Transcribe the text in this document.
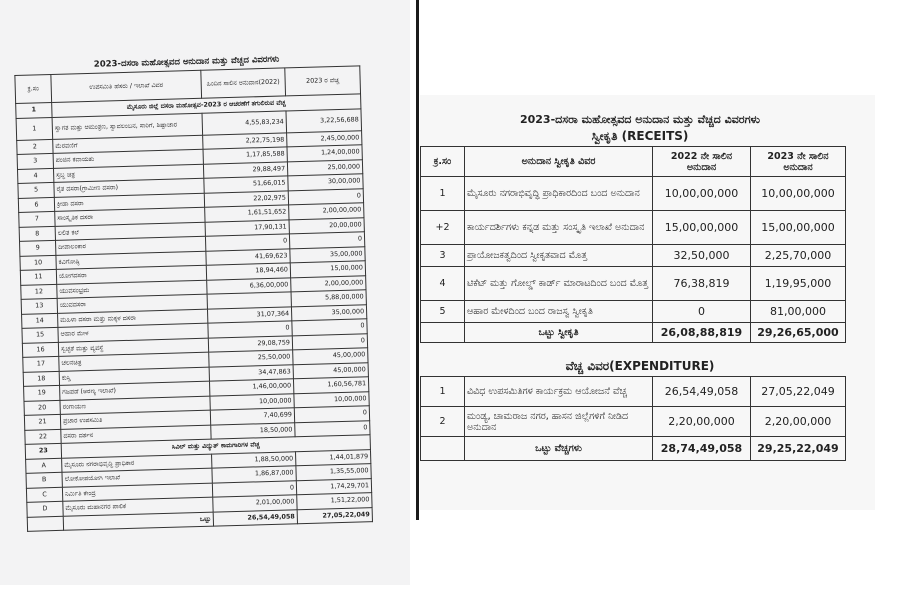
2023-ದಸರಾ ಮಹೋತ್ಸವದ ಅನುದಾನ ಮತ್ತು ವೆಚ್ಚದ ವಿವರಗಳು
ಕ್ರ.ಸಂ	ಉಪಸಮಿತಿ ಹೆಸರು / ಇಲಾಖೆ ವಿವರ	ಹಿಂದಿನ ಸಾಲಿನ ಅನುದಾನ(2022)	2023 ರ ವೆಚ್ಚ
1	ಮೈಸೂರು ಜಿಲ್ಲೆ ದಸರಾ ಮಹೋತ್ಸವ-2023 ರ ಆಚರಣೆಗೆ ತಗುಲಿರುವ ವೆಚ್ಚ		
1	ಸ್ವಾಗತ ಮತ್ತು ಆಮಂತ್ರಣ, ಸ್ವಾವಲಂಬನ, ಸಾರಿಗೆ, ಶಿಷ್ಟಾಚಾರ	4,55,83,234	3,22,56,688
2	ಮೆರವಣಿಗೆ	2,22,75,198	2,45,00,000
3	ಪಂಜಿನ ಕವಾಯತು	1,17,85,588	1,24,00,000
4	ಸ್ತಬ್ಧ ಚಿತ್ರ	29,88,497	25,00,000
5	ರೈತ ದಸರಾ(ಗ್ರಾಮೀಣ ದಸರಾ)	51,66,015	30,00,000
6	ಕ್ರೀಡಾ ದಸರಾ	22,02,975	0
7	ಸಾಂಸ್ಕೃತಿಕ ದಸರಾ	1,61,51,652	2,00,00,000
8	ಲಲಿತ ಕಲೆ	17,90,131	20,00,000
9	ದೀಪಾಲಂಕಾರ	0	0
10	ಕವಿಗೋಷ್ಠಿ	41,69,623	35,00,000
11	ಯೋಗದಸರಾ	18,94,460	15,00,000
12	ಯುವಸಂಭ್ರಮ	6,36,00,000	2,00,00,000
13	ಯುವದಸರಾ		5,88,00,000
14	ಮಹಿಳಾ ದಸರಾ ಮತ್ತು ಮಕ್ಕಳ ದಸರಾ	31,07,364	35,00,000
15	ಆಹಾರ ಮೇಳ	0	0
16	ಸ್ವಚ್ಛತೆ ಮತ್ತು ವ್ಯವಸ್ಥೆ	29,08,759	0
17	ಚಲನಚಿತ್ರ	25,50,000	45,00,000
18	ಕುಸ್ತಿ	34,47,863	45,00,000
19	ಗಜಪಡೆ (ಅರಣ್ಯ ಇಲಾಖೆ)	1,46,00,000	1,60,56,781
20	ರಂಗಾಯಣ	10,00,000	10,00,000
21	ಪ್ರಚಾರ ಉಪಸಮಿತಿ	7,40,699	0
22	ದಸರಾ ದರ್ಶನ	18,50,000	0
23	ಸಿವಿಲ್ ಮತ್ತು ವಿದ್ಯುತ್ ಕಾಮಗಾರಿಗಳ ವೆಚ್ಚ		
A	ಮೈಸೂರು ನಗರಾಭಿವೃದ್ಧಿ ಪ್ರಾಧಿಕಾರ	1,88,50,000	1,44,01,879
B	ಲೋಕೋಪಯೋಗಿ ಇಲಾಖೆ	1,86,87,000	1,35,55,000
C	ನಿರ್ಮಿತಿ ಕೇಂದ್ರ	0	1,74,29,701
D	ಮೈಸೂರು ಮಹಾನಗರ ಪಾಲಿಕೆ	2,01,00,000	1,51,22,000
	ಒಟ್ಟು	26,54,49,058	27,05,22,049
2023-ದಸರಾ ಮಹೋತ್ಸವದ ಅನುದಾನ ಮತ್ತು ವೆಚ್ಚದ ವಿವರಗಳು
ಸ್ವೀಕೃತಿ (RECEITS)
ಕ್ರ.ಸಂ	ಅನುದಾನ ಸ್ವೀಕೃತಿ ವಿವರ	2022 ನೇ ಸಾಲಿನ ಅನುದಾನ	2023 ನೇ ಸಾಲಿನ ಅನುದಾನ
1	ಮೈಸೂರು ನಗರಾಭಿವೃದ್ಧಿ ಪ್ರಾಧಿಕಾರದಿಂದ ಬಂದ ಅನುದಾನ	10,00,00,000	10,00,00,000
+2	ಕಾರ್ಯದರ್ಶಿಗಳು ಕನ್ನಡ ಮತ್ತು ಸಂಸ್ಕೃತಿ ಇಲಾಖೆ ಅನುದಾನ	15,00,00,000	15,00,00,000
3	ಪ್ರಾಯೋಜಕತ್ವದಿಂದ ಸ್ವೀಕೃತವಾದ ಮೊತ್ತ	32,50,000	2,25,70,000
4	ಟಿಕೆಟ್ ಮತ್ತು ಗೋಲ್ಡ್ ಕಾರ್ಡ್ ಮಾರಾಟದಿಂದ ಬಂದ ಮೊತ್ತ	76,38,819	1,19,95,000
5	ಆಹಾರ ಮೇಳದಿಂದ ಬಂದ ರಾಜಸ್ವ ಸ್ವೀಕೃತಿ	0	81,00,000
	ಒಟ್ಟು ಸ್ವೀಕೃತಿ	26,08,88,819	29,26,65,000
ವೆಚ್ಚ ವಿವರ(EXPENDITURE)
1	ವಿವಿಧ ಉಪಸಮಿತಿಗಳ ಕಾರ್ಯಕ್ರಮ ಆಯೋಜನೆ ವೆಚ್ಚ	26,54,49,058	27,05,22,049
2	ಮಂಡ್ಯ, ಚಾಮರಾಜ ನಗರ, ಹಾಸನ ಜಿಲ್ಲೆಗಳಿಗೆ ನೀಡಿದ ಅನುದಾನ	2,20,00,000	2,20,00,000
	ಒಟ್ಟು ವೆಚ್ಚಗಳು	28,74,49,058	29,25,22,049
